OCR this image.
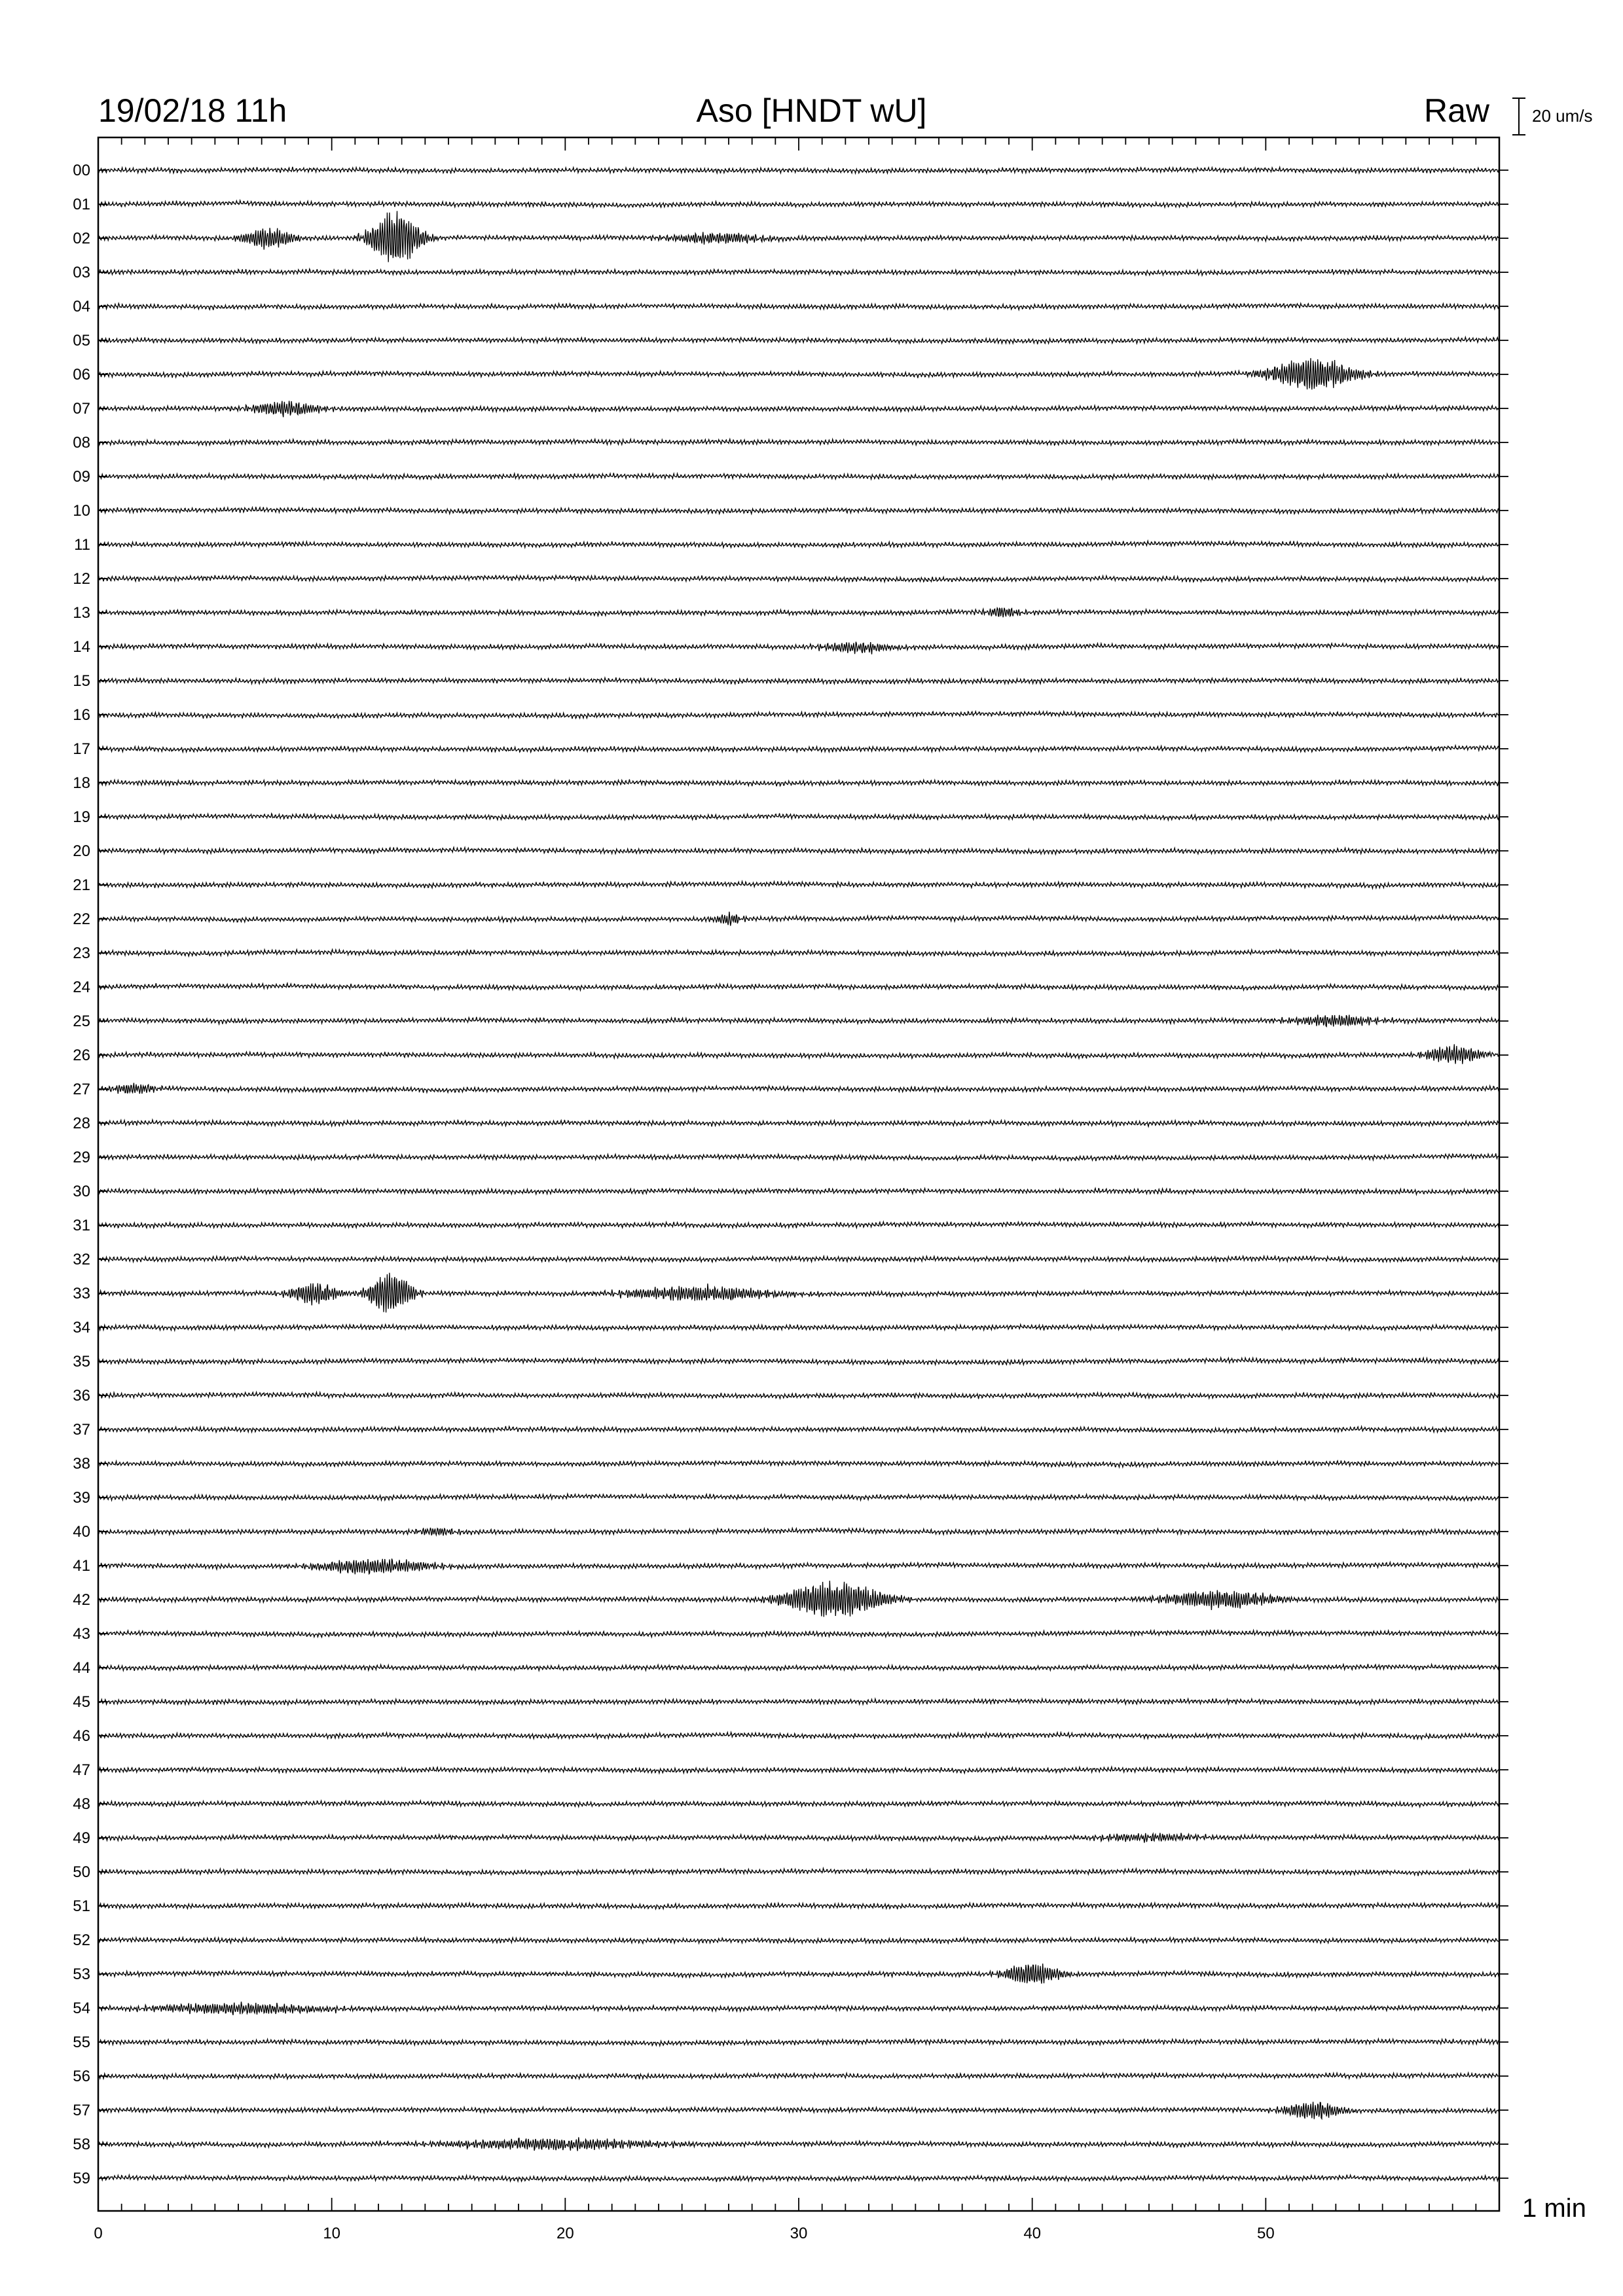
19/02/18 11h	Aso [HNDT wU]	Raw 20 um/s
1 min
00
01
02
03
04
05
06
07
08
09
10
11
12
13
14
15
16
17
18
19
20
21
22
23
24
25
26
27
28
29
30
31
32
33
34
35
36
37
38
39
40
41
42
43
44
45
46
47
48
49
50
51
52
53
54
55
56
57
58
59
0	10	20	30	40	50
